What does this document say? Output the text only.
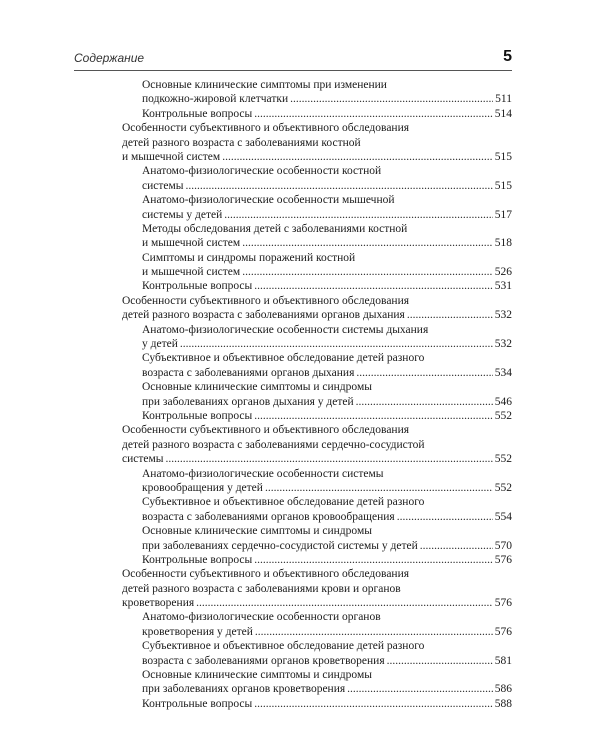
Содержание	5
Основные клинические симптомы при изменении
подкожно-жировой клетчатки .....	511
Контрольные вопросы .....	514
Особенности субъективного и объективного обследования
детей разного возраста с заболеваниями костной
и мышечной систем .....	515
Анатомо-физиологические особенности костной
системы .....	515
Анатомо-физиологические особенности мышечной
системы у детей .....	517
Методы обследования детей с заболеваниями костной
и мышечной систем .....	518
Симптомы и синдромы поражений костной
и мышечной систем .....	526
Контрольные вопросы .....	531
Особенности субъективного и объективного обследования
детей разного возраста с заболеваниями органов дыхания .....	532
Анатомо-физиологические особенности системы дыхания
у детей .....	532
Субъективное и объективное обследование детей разного
возраста с заболеваниями органов дыхания .....	534
Основные клинические симптомы и синдромы
при заболеваниях органов дыхания у детей .....	546
Контрольные вопросы .....	552
Особенности субъективного и объективного обследования
детей разного возраста с заболеваниями сердечно-сосудистой
системы .....	552
Анатомо-физиологические особенности системы
кровообращения у детей .....	552
Субъективное и объективное обследование детей разного
возраста с заболеваниями органов кровообращения .....	554
Основные клинические симптомы и синдромы
при заболеваниях сердечно-сосудистой системы у детей .....	570
Контрольные вопросы .....	576
Особенности субъективного и объективного обследования
детей разного возраста с заболеваниями крови и органов
кроветворения .....	576
Анатомо-физиологические особенности органов
кроветворения у детей .....	576
Субъективное и объективное обследование детей разного
возраста с заболеваниями органов кроветворения .....	581
Основные клинические симптомы и синдромы
при заболеваниях органов кроветворения .....	586
Контрольные вопросы .....	588
